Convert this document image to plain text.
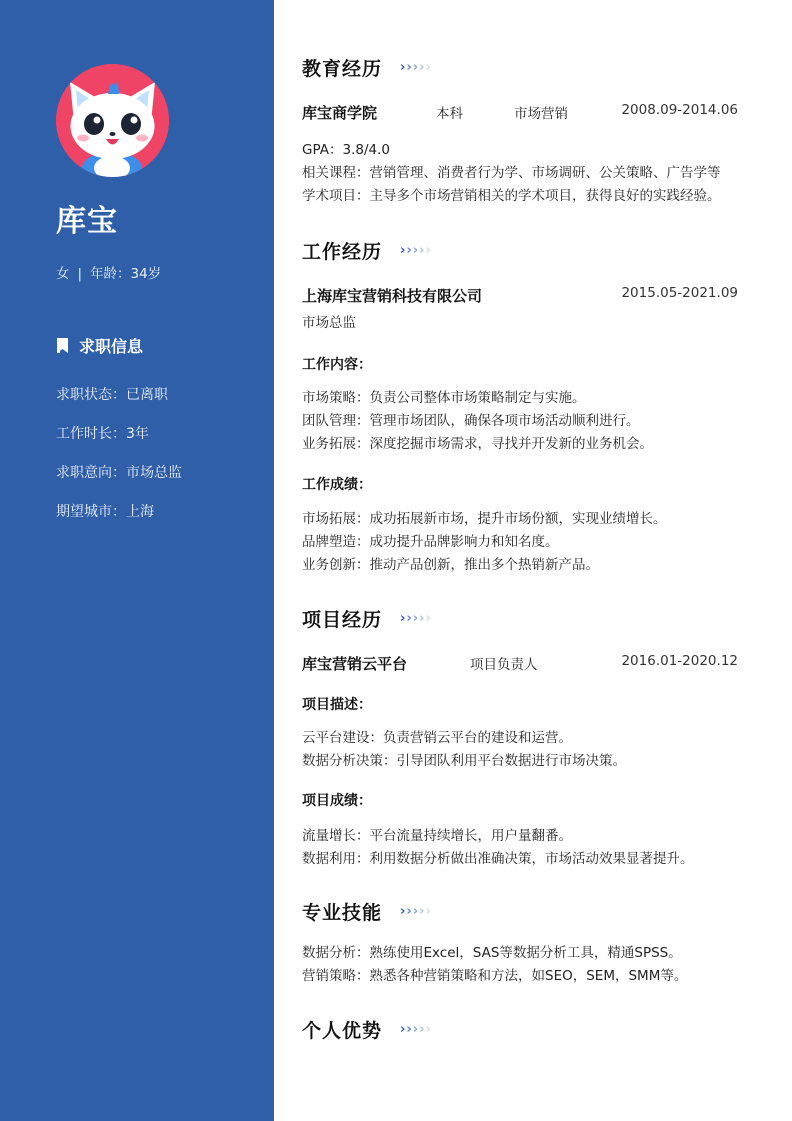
库宝
女 | 年龄：34岁
求职信息
求职状态：已离职
工作时长：3年
求职意向：市场总监
期望城市：上海
教育经历 › › › › ›
库宝商学院	本科	市场营销	2008.09-2014.06
GPA：3.8/4.0
相关课程：营销管理、消费者行为学、市场调研、公关策略、广告学等
学术项目：主导多个市场营销相关的学术项目，获得良好的实践经验。
工作经历 › › › › ›
上海库宝营销科技有限公司	2015.05-2021.09
市场总监
工作内容：
市场策略：负责公司整体市场策略制定与实施。
团队管理：管理市场团队，确保各项市场活动顺利进行。
业务拓展：深度挖掘市场需求，寻找并开发新的业务机会。
工作成绩：
市场拓展：成功拓展新市场，提升市场份额，实现业绩增长。
品牌塑造：成功提升品牌影响力和知名度。
业务创新：推动产品创新，推出多个热销新产品。
项目经历 › › › › ›
库宝营销云平台	项目负责人	2016.01-2020.12
项目描述：
云平台建设：负责营销云平台的建设和运营。
数据分析决策：引导团队利用平台数据进行市场决策。
项目成绩：
流量增长：平台流量持续增长，用户量翻番。
数据利用：利用数据分析做出准确决策，市场活动效果显著提升。
专业技能 › › › › ›
数据分析：熟练使用Excel，SAS等数据分析工具，精通SPSS。
营销策略：熟悉各种营销策略和方法，如SEO，SEM，SMM等。
个人优势 › › › › ›
